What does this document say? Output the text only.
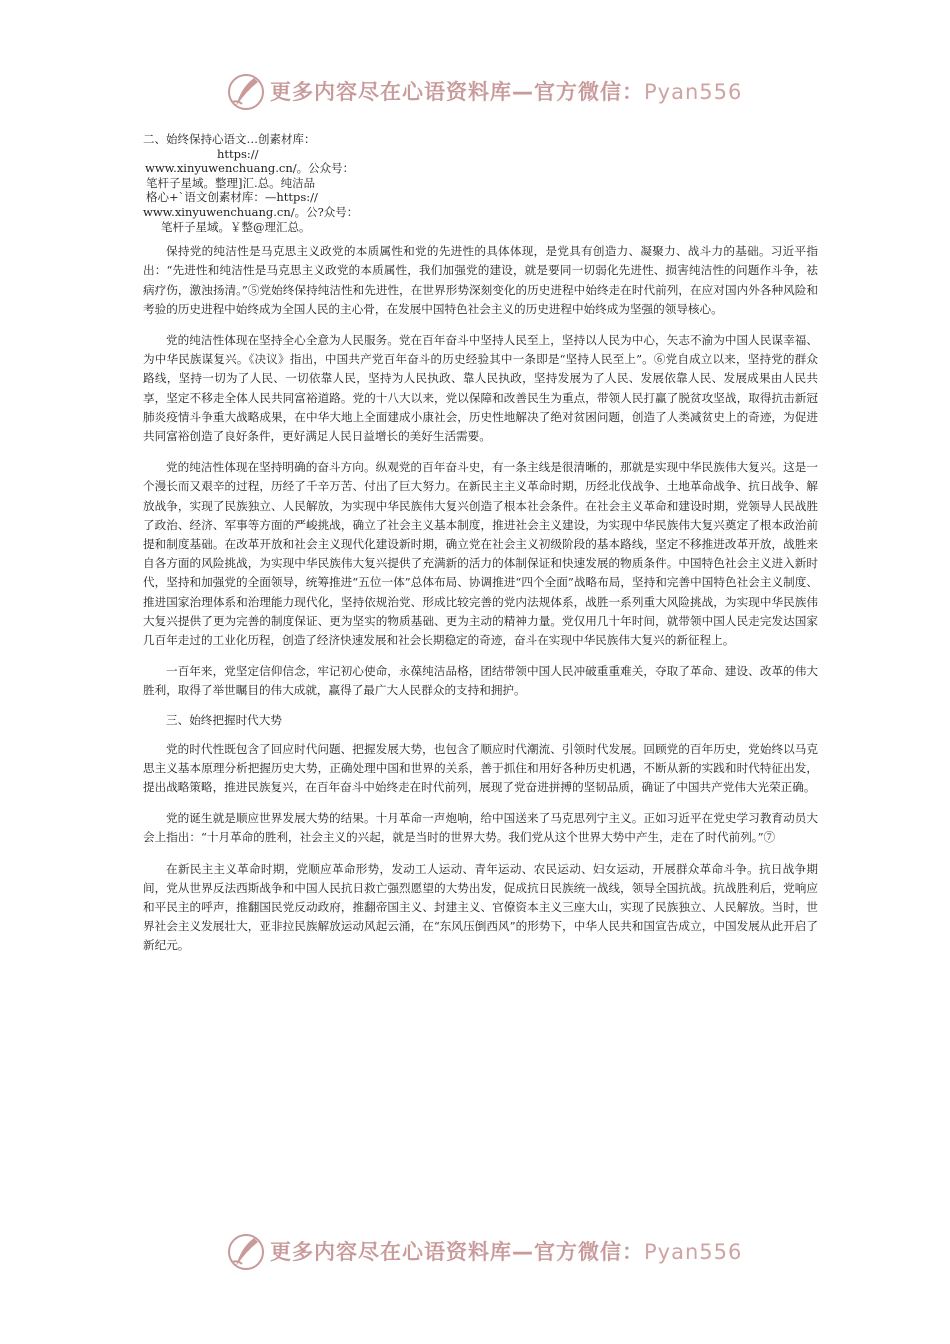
更多内容尽在心语资料库—官方微信：Pyan556
二、始终保持心语文…创素材库：
https://
www.xinyuwenchuang.cn/。公众号：
笔杆子星域。整理]汇.总。纯洁品
格心+`语文创素材库：—https://
www.xinyuwenchuang.cn/。公?众号：
笔杆子星域。￥整@理汇总。

保持党的纯洁性是马克思主义政党的本质属性和党的先进性的具体体现，是党具有创造力、凝聚力、战斗力的基础。习近平指出：“先进性和纯洁性是马克思主义政党的本质属性，我们加强党的建设，就是要同一切弱化先进性、损害纯洁性的问题作斗争，祛病疗伤，激浊扬清。”⑤党始终保持纯洁性和先进性，在世界形势深刻变化的历史进程中始终走在时代前列，在应对国内外各种风险和考验的历史进程中始终成为全国人民的主心骨，在发展中国特色社会主义的历史进程中始终成为坚强的领导核心。

党的纯洁性体现在坚持全心全意为人民服务。党在百年奋斗中坚持人民至上，坚持以人民为中心，矢志不渝为中国人民谋幸福、为中华民族谋复兴。《决议》指出，中国共产党百年奋斗的历史经验其中一条即是“坚持人民至上”。⑥党自成立以来，坚持党的群众路线，坚持一切为了人民、一切依靠人民，坚持为人民执政、靠人民执政，坚持发展为了人民、发展依靠人民、发展成果由人民共享，坚定不移走全体人民共同富裕道路。党的十八大以来，党以保障和改善民生为重点，带领人民打赢了脱贫攻坚战，取得抗击新冠肺炎疫情斗争重大战略成果，在中华大地上全面建成小康社会，历史性地解决了绝对贫困问题，创造了人类减贫史上的奇迹，为促进共同富裕创造了良好条件，更好满足人民日益增长的美好生活需要。

党的纯洁性体现在坚持明确的奋斗方向。纵观党的百年奋斗史，有一条主线是很清晰的，那就是实现中华民族伟大复兴。这是一个漫长而又艰辛的过程，历经了千辛万苦、付出了巨大努力。在新民主主义革命时期，历经北伐战争、土地革命战争、抗日战争、解放战争，实现了民族独立、人民解放，为实现中华民族伟大复兴创造了根本社会条件。在社会主义革命和建设时期，党领导人民战胜了政治、经济、军事等方面的严峻挑战，确立了社会主义基本制度，推进社会主义建设，为实现中华民族伟大复兴奠定了根本政治前提和制度基础。在改革开放和社会主义现代化建设新时期，确立党在社会主义初级阶段的基本路线，坚定不移推进改革开放，战胜来自各方面的风险挑战，为实现中华民族伟大复兴提供了充满新的活力的体制保证和快速发展的物质条件。中国特色社会主义进入新时代，坚持和加强党的全面领导，统筹推进“五位一体”总体布局、协调推进“四个全面”战略布局，坚持和完善中国特色社会主义制度、推进国家治理体系和治理能力现代化，坚持依规治党、形成比较完善的党内法规体系，战胜一系列重大风险挑战，为实现中华民族伟大复兴提供了更为完善的制度保证、更为坚实的物质基础、更为主动的精神力量。党仅用几十年时间，就带领中国人民走完发达国家几百年走过的工业化历程，创造了经济快速发展和社会长期稳定的奇迹，奋斗在实现中华民族伟大复兴的新征程上。

一百年来，党坚定信仰信念，牢记初心使命，永葆纯洁品格，团结带领中国人民冲破重重难关，夺取了革命、建设、改革的伟大胜利，取得了举世瞩目的伟大成就，赢得了最广大人民群众的支持和拥护。

三、始终把握时代大势

党的时代性既包含了回应时代问题、把握发展大势，也包含了顺应时代潮流、引领时代发展。回顾党的百年历史，党始终以马克思主义基本原理分析把握历史大势，正确处理中国和世界的关系，善于抓住和用好各种历史机遇，不断从新的实践和时代特征出发，提出战略策略，推进民族复兴，在百年奋斗中始终走在时代前列，展现了党奋进拼搏的坚韧品质，确证了中国共产党伟大光荣正确。

党的诞生就是顺应世界发展大势的结果。十月革命一声炮响，给中国送来了马克思列宁主义。正如习近平在党史学习教育动员大会上指出：“十月革命的胜利，社会主义的兴起，就是当时的世界大势。我们党从这个世界大势中产生，走在了时代前列。”⑦

在新民主主义革命时期，党顺应革命形势，发动工人运动、青年运动、农民运动、妇女运动，开展群众革命斗争。抗日战争期间，党从世界反法西斯战争和中国人民抗日救亡强烈愿望的大势出发，促成抗日民族统一战线，领导全国抗战。抗战胜利后，党响应和平民主的呼声，推翻国民党反动政府，推翻帝国主义、封建主义、官僚资本主义三座大山，实现了民族独立、人民解放。当时，世界社会主义发展壮大，亚非拉民族解放运动风起云涌，在“东风压倒西风”的形势下，中华人民共和国宣告成立，中国发展从此开启了新纪元。

更多内容尽在心语资料库—官方微信：Pyan556
